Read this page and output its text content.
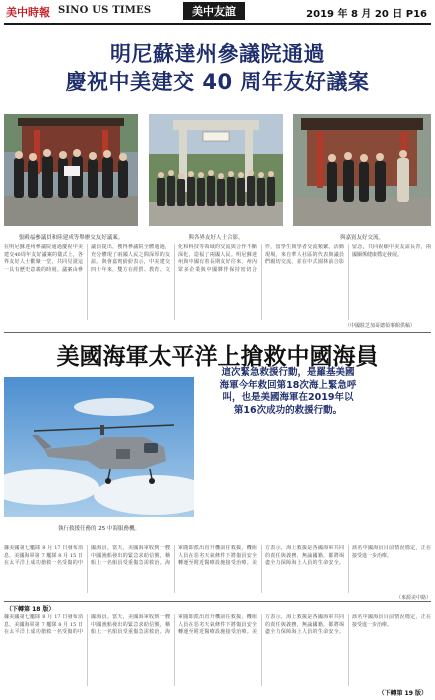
美中時報 SINO US TIMES	美中友誼	2019 年 8 月 20 日 P16
明尼蘇達州參議院通過
慶祝中美建交 40 周年友好議案
張殿福參議員和陸建成等舉辦交友好議案。	與各界友好人士合影。	與嘉賓友好交流。
在明尼蘇達州參議院通過慶祝中美建交40周年友好議案的儀式上，各界友好人士歡聚一堂，共同見證這一具有歷史意義的時刻。議案由參議員提出，獲得參議院全體通過，充分體現了兩國人民之間深厚的友誼。與會嘉賓紛紛表示，中美建交四十年來，雙方在經貿、教育、文化和科技等領域的交流與合作不斷深化，造福了兩國人民。明尼蘇達州與中國有着長期友好往來，州內眾多企業與中國夥伴保持密切合作，留學生與學者交流頻繁。活動現場，來自華人社區的代表與議員們親切交流，並在中式園林前合影留念，共同祝願中美友誼長青，兩國關係健康穩定發展。
（中國駐芝加哥總領事館供稿）
美國海軍太平洋上搶救中國海員
執行救援任務的 25 中海服務機。
這次緊急救援行動，是羅基美國海軍今年救回第18次海上緊急呼叫，也是美國海軍在2019年以第16次成功的救援行動。
據美國第七艦隊 8 月 17 日發布消息，美國海軍第 7 艦隊 8 月 15 日在太平洋上成功搶救一名受傷的中國海員。當天，美國海軍收到一艘中國漁船發出的緊急求助信號，稱船上一名船員受重傷急需救治。海軍隨即派出直升機前往救援，機組人員在惡劣天氣條件下將傷員安全轉運至附近醫療設施接受治療。美方表示，海上救援是各國海軍共同的責任與義務，無論國籍，都將竭盡全力保障海上人員的生命安全。該名中國海員目前情況穩定，正在接受進一步治療。
（來源美中路）
（下轉第 18 版）
據美國第七艦隊 8 月 17 日發布消息，美國海軍第 7 艦隊 8 月 15 日在太平洋上成功搶救一名受傷的中國海員。當天，美國海軍收到一艘中國漁船發出的緊急求助信號，稱船上一名船員受重傷急需救治。海軍隨即派出直升機前往救援，機組人員在惡劣天氣條件下將傷員安全轉運至附近醫療設施接受治療。美方表示，海上救援是各國海軍共同的責任與義務，無論國籍，都將竭盡全力保障海上人員的生命安全。該名中國海員目前情況穩定，正在接受進一步治療。
（下轉第 19 版）
